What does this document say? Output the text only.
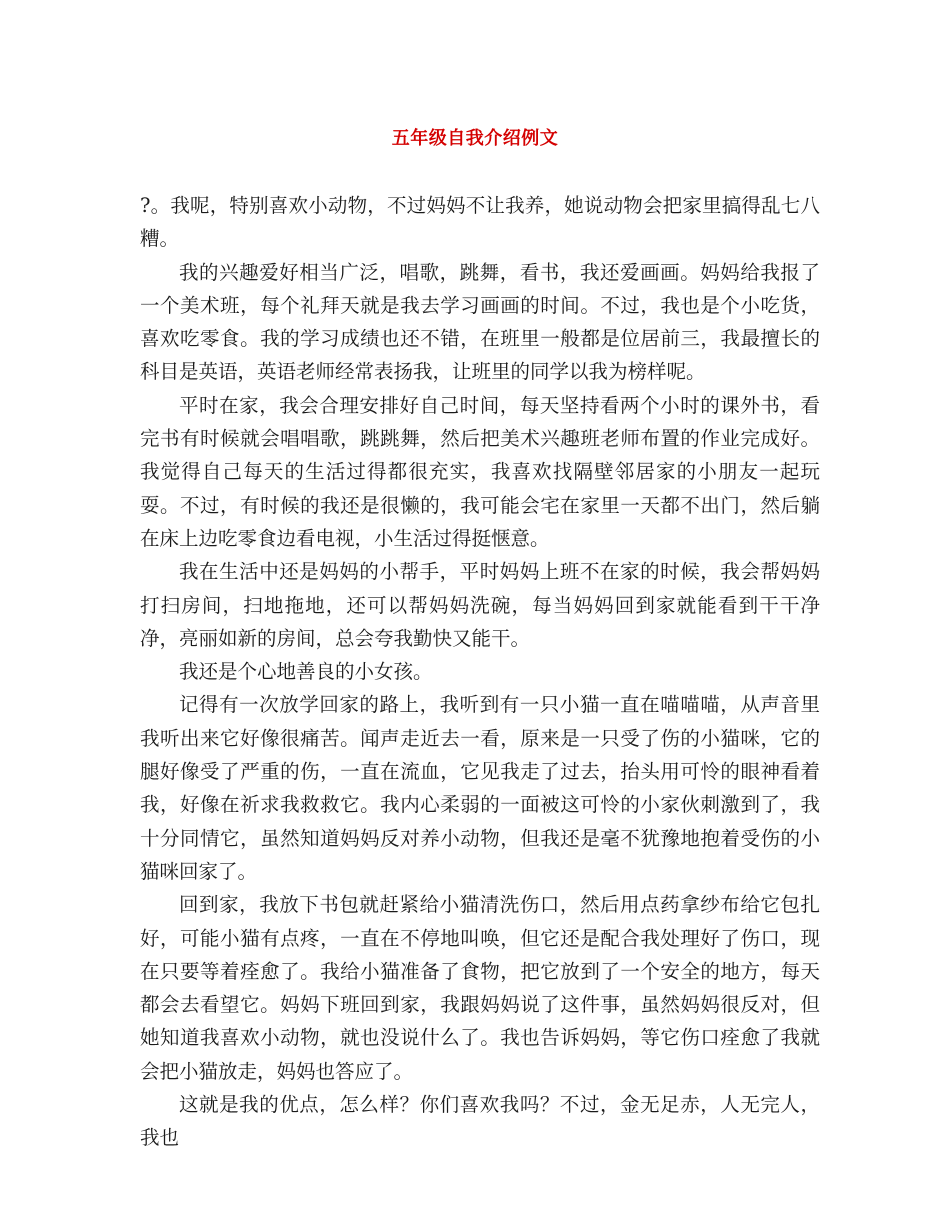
五年级自我介绍例文

?。我呢，特别喜欢小动物，不过妈妈不让我养，她说动物会把家里搞得乱七八糟。

我的兴趣爱好相当广泛，唱歌，跳舞，看书，我还爱画画。妈妈给我报了一个美术班，每个礼拜天就是我去学习画画的时间。不过，我也是个小吃货，喜欢吃零食。我的学习成绩也还不错，在班里一般都是位居前三，我最擅长的科目是英语，英语老师经常表扬我，让班里的同学以我为榜样呢。

平时在家，我会合理安排好自己时间，每天坚持看两个小时的课外书，看完书有时候就会唱唱歌，跳跳舞，然后把美术兴趣班老师布置的作业完成好。我觉得自己每天的生活过得都很充实，我喜欢找隔壁邻居家的小朋友一起玩耍。不过，有时候的我还是很懒的，我可能会宅在家里一天都不出门，然后躺在床上边吃零食边看电视，小生活过得挺惬意。

我在生活中还是妈妈的小帮手，平时妈妈上班不在家的时候，我会帮妈妈打扫房间，扫地拖地，还可以帮妈妈洗碗，每当妈妈回到家就能看到干干净净，亮丽如新的房间，总会夸我勤快又能干。

我还是个心地善良的小女孩。

记得有一次放学回家的路上，我听到有一只小猫一直在喵喵喵，从声音里我听出来它好像很痛苦。闻声走近去一看，原来是一只受了伤的小猫咪，它的腿好像受了严重的伤，一直在流血，它见我走了过去，抬头用可怜的眼神看着我，好像在祈求我救救它。我内心柔弱的一面被这可怜的小家伙刺激到了，我十分同情它，虽然知道妈妈反对养小动物，但我还是毫不犹豫地抱着受伤的小猫咪回家了。

回到家，我放下书包就赶紧给小猫清洗伤口，然后用点药拿纱布给它包扎好，可能小猫有点疼，一直在不停地叫唤，但它还是配合我处理好了伤口，现在只要等着痊愈了。我给小猫准备了食物，把它放到了一个安全的地方，每天都会去看望它。妈妈下班回到家，我跟妈妈说了这件事，虽然妈妈很反对，但她知道我喜欢小动物，就也没说什么了。我也告诉妈妈，等它伤口痊愈了我就会把小猫放走，妈妈也答应了。

这就是我的优点，怎么样？你们喜欢我吗？不过，金无足赤，人无完人，我也
